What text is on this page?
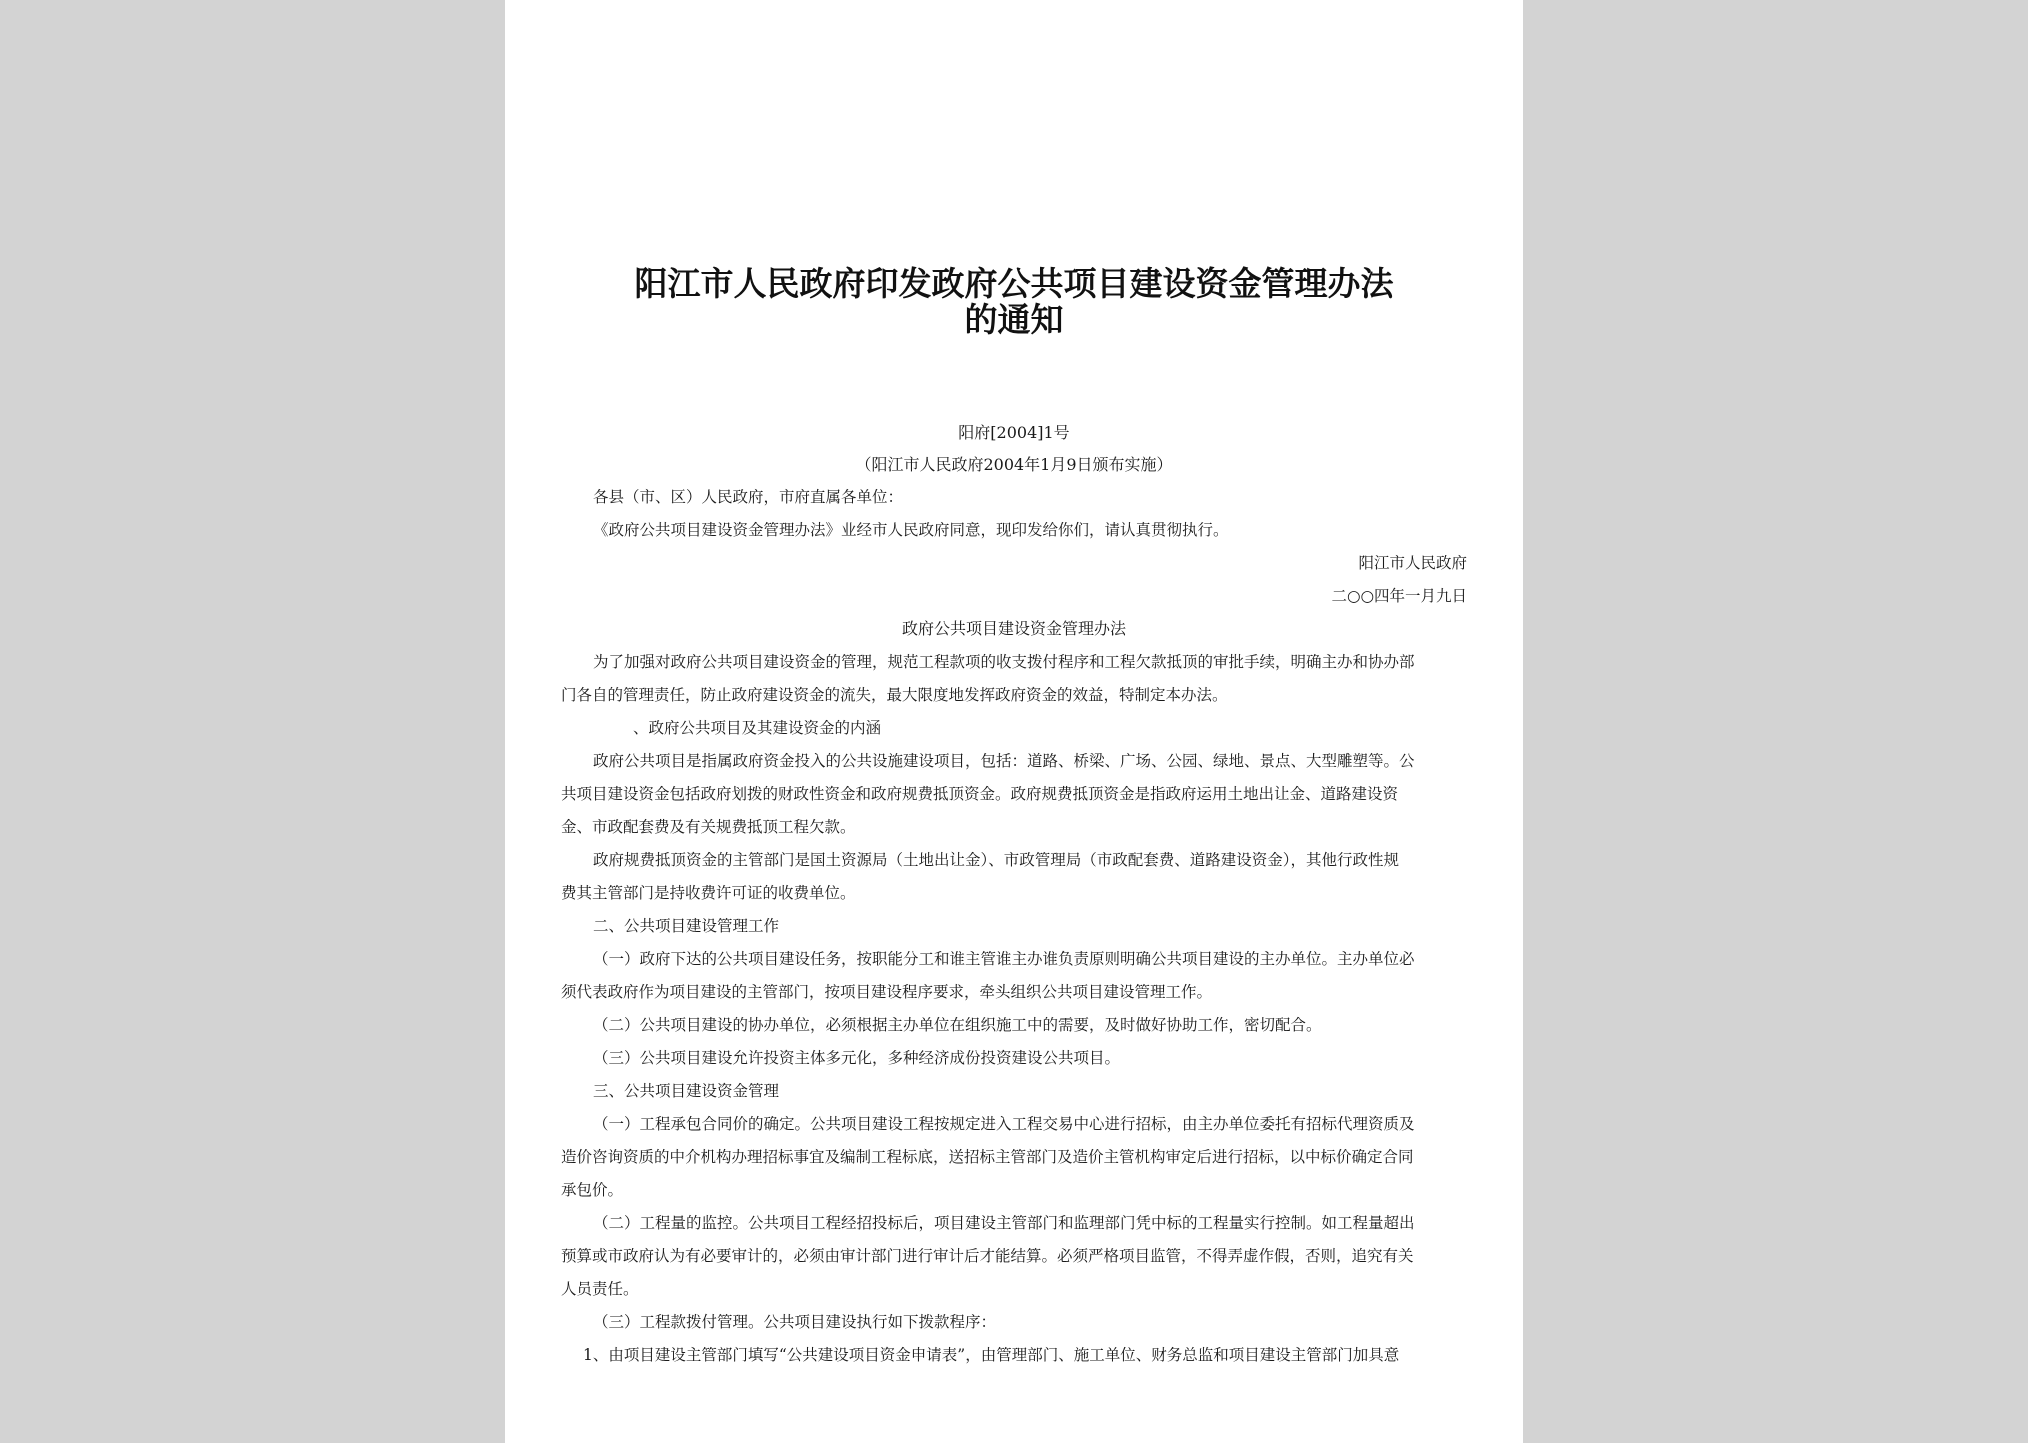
阳江市人民政府印发政府公共项目建设资金管理办法
的通知
阳府[2004]1号
（阳江市人民政府2004年1月9日颁布实施）
各县（市、区）人民政府，市府直属各单位：
《政府公共项目建设资金管理办法》业经市人民政府同意，现印发给你们，请认真贯彻执行。
阳江市人民政府
二○○四年一月九日
政府公共项目建设资金管理办法
为了加强对政府公共项目建设资金的管理，规范工程款项的收支拨付程序和工程欠款抵顶的审批手续，明确主办和协办部
门各自的管理责任，防止政府建设资金的流失，最大限度地发挥政府资金的效益，特制定本办法。
、政府公共项目及其建设资金的内涵
政府公共项目是指属政府资金投入的公共设施建设项目，包括：道路、桥梁、广场、公园、绿地、景点、大型雕塑等。公
共项目建设资金包括政府划拨的财政性资金和政府规费抵顶资金。政府规费抵顶资金是指政府运用土地出让金、道路建设资
金、市政配套费及有关规费抵顶工程欠款。
政府规费抵顶资金的主管部门是国土资源局（土地出让金）、市政管理局（市政配套费、道路建设资金），其他行政性规
费其主管部门是持收费许可证的收费单位。
二、公共项目建设管理工作
（一）政府下达的公共项目建设任务，按职能分工和谁主管谁主办谁负责原则明确公共项目建设的主办单位。主办单位必
须代表政府作为项目建设的主管部门，按项目建设程序要求，牵头组织公共项目建设管理工作。
（二）公共项目建设的协办单位，必须根据主办单位在组织施工中的需要，及时做好协助工作，密切配合。
（三）公共项目建设允许投资主体多元化，多种经济成份投资建设公共项目。
三、公共项目建设资金管理
（一）工程承包合同价的确定。公共项目建设工程按规定进入工程交易中心进行招标，由主办单位委托有招标代理资质及
造价咨询资质的中介机构办理招标事宜及编制工程标底，送招标主管部门及造价主管机构审定后进行招标，以中标价确定合同
承包价。
（二）工程量的监控。公共项目工程经招投标后，项目建设主管部门和监理部门凭中标的工程量实行控制。如工程量超出
预算或市政府认为有必要审计的，必须由审计部门进行审计后才能结算。必须严格项目监管，不得弄虚作假，否则，追究有关
人员责任。
（三）工程款拨付管理。公共项目建设执行如下拨款程序：
1、由项目建设主管部门填写“公共建设项目资金申请表”，由管理部门、施工单位、财务总监和项目建设主管部门加具意
